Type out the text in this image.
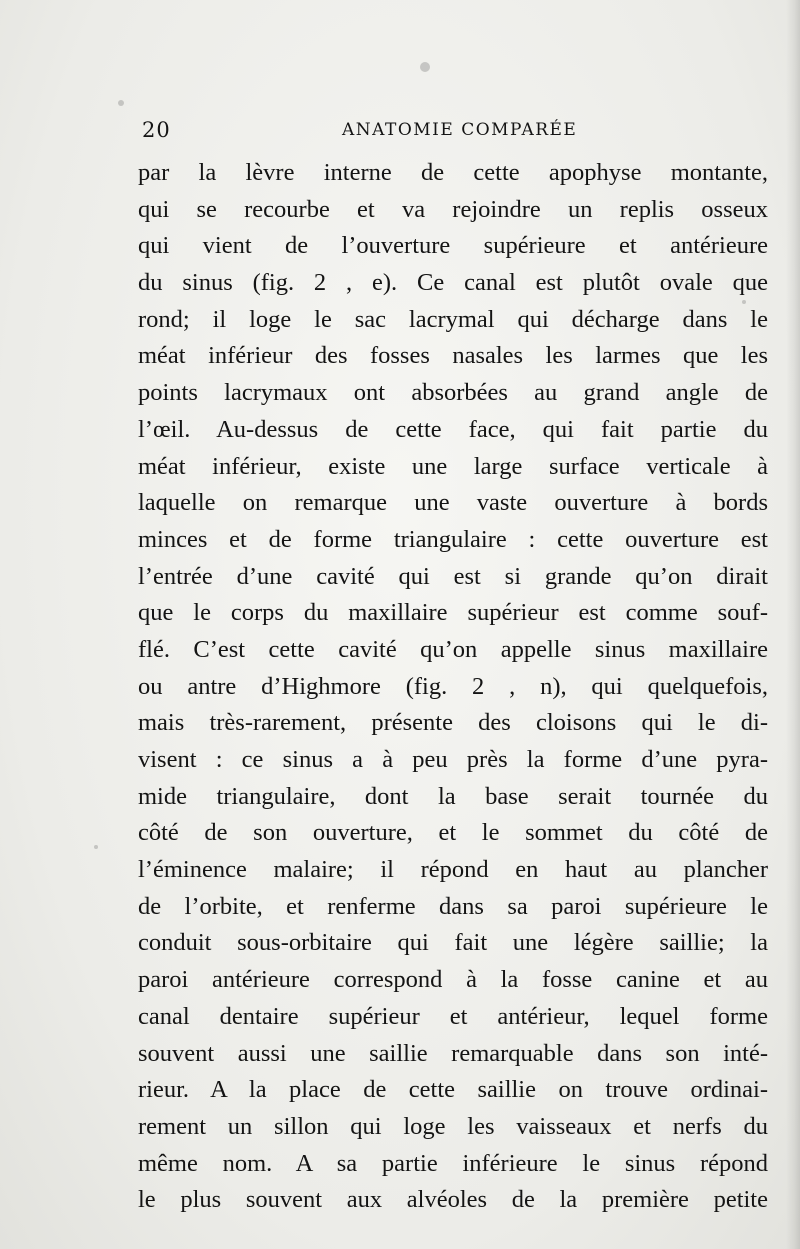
20	ANATOMIE COMPARÉE
par la lèvre interne de cette apophyse montante,
qui se recourbe et va rejoindre un replis osseux
qui vient de l’ouverture supérieure et antérieure
du sinus (fig. 2 , e). Ce canal est plutôt ovale que
rond; il loge le sac lacrymal qui décharge dans le
méat inférieur des fosses nasales les larmes que les
points lacrymaux ont absorbées au grand angle de
l’œil. Au-dessus de cette face, qui fait partie du
méat inférieur, existe une large surface verticale à
laquelle on remarque une vaste ouverture à bords
minces et de forme triangulaire : cette ouverture est
l’entrée d’une cavité qui est si grande qu’on dirait
que le corps du maxillaire supérieur est comme souf-
flé. C’est cette cavité qu’on appelle sinus maxillaire
ou antre d’Highmore (fig. 2 , n), qui quelquefois,
mais très-rarement, présente des cloisons qui le di-
visent : ce sinus a à peu près la forme d’une pyra-
mide triangulaire, dont la base serait tournée du
côté de son ouverture, et le sommet du côté de
l’éminence malaire; il répond en haut au plancher
de l’orbite, et renferme dans sa paroi supérieure le
conduit sous-orbitaire qui fait une légère saillie; la
paroi antérieure correspond à la fosse canine et au
canal dentaire supérieur et antérieur, lequel forme
souvent aussi une saillie remarquable dans son inté-
rieur. A la place de cette saillie on trouve ordinai-
rement un sillon qui loge les vaisseaux et nerfs du
même nom. A sa partie inférieure le sinus répond
le plus souvent aux alvéoles de la première petite
